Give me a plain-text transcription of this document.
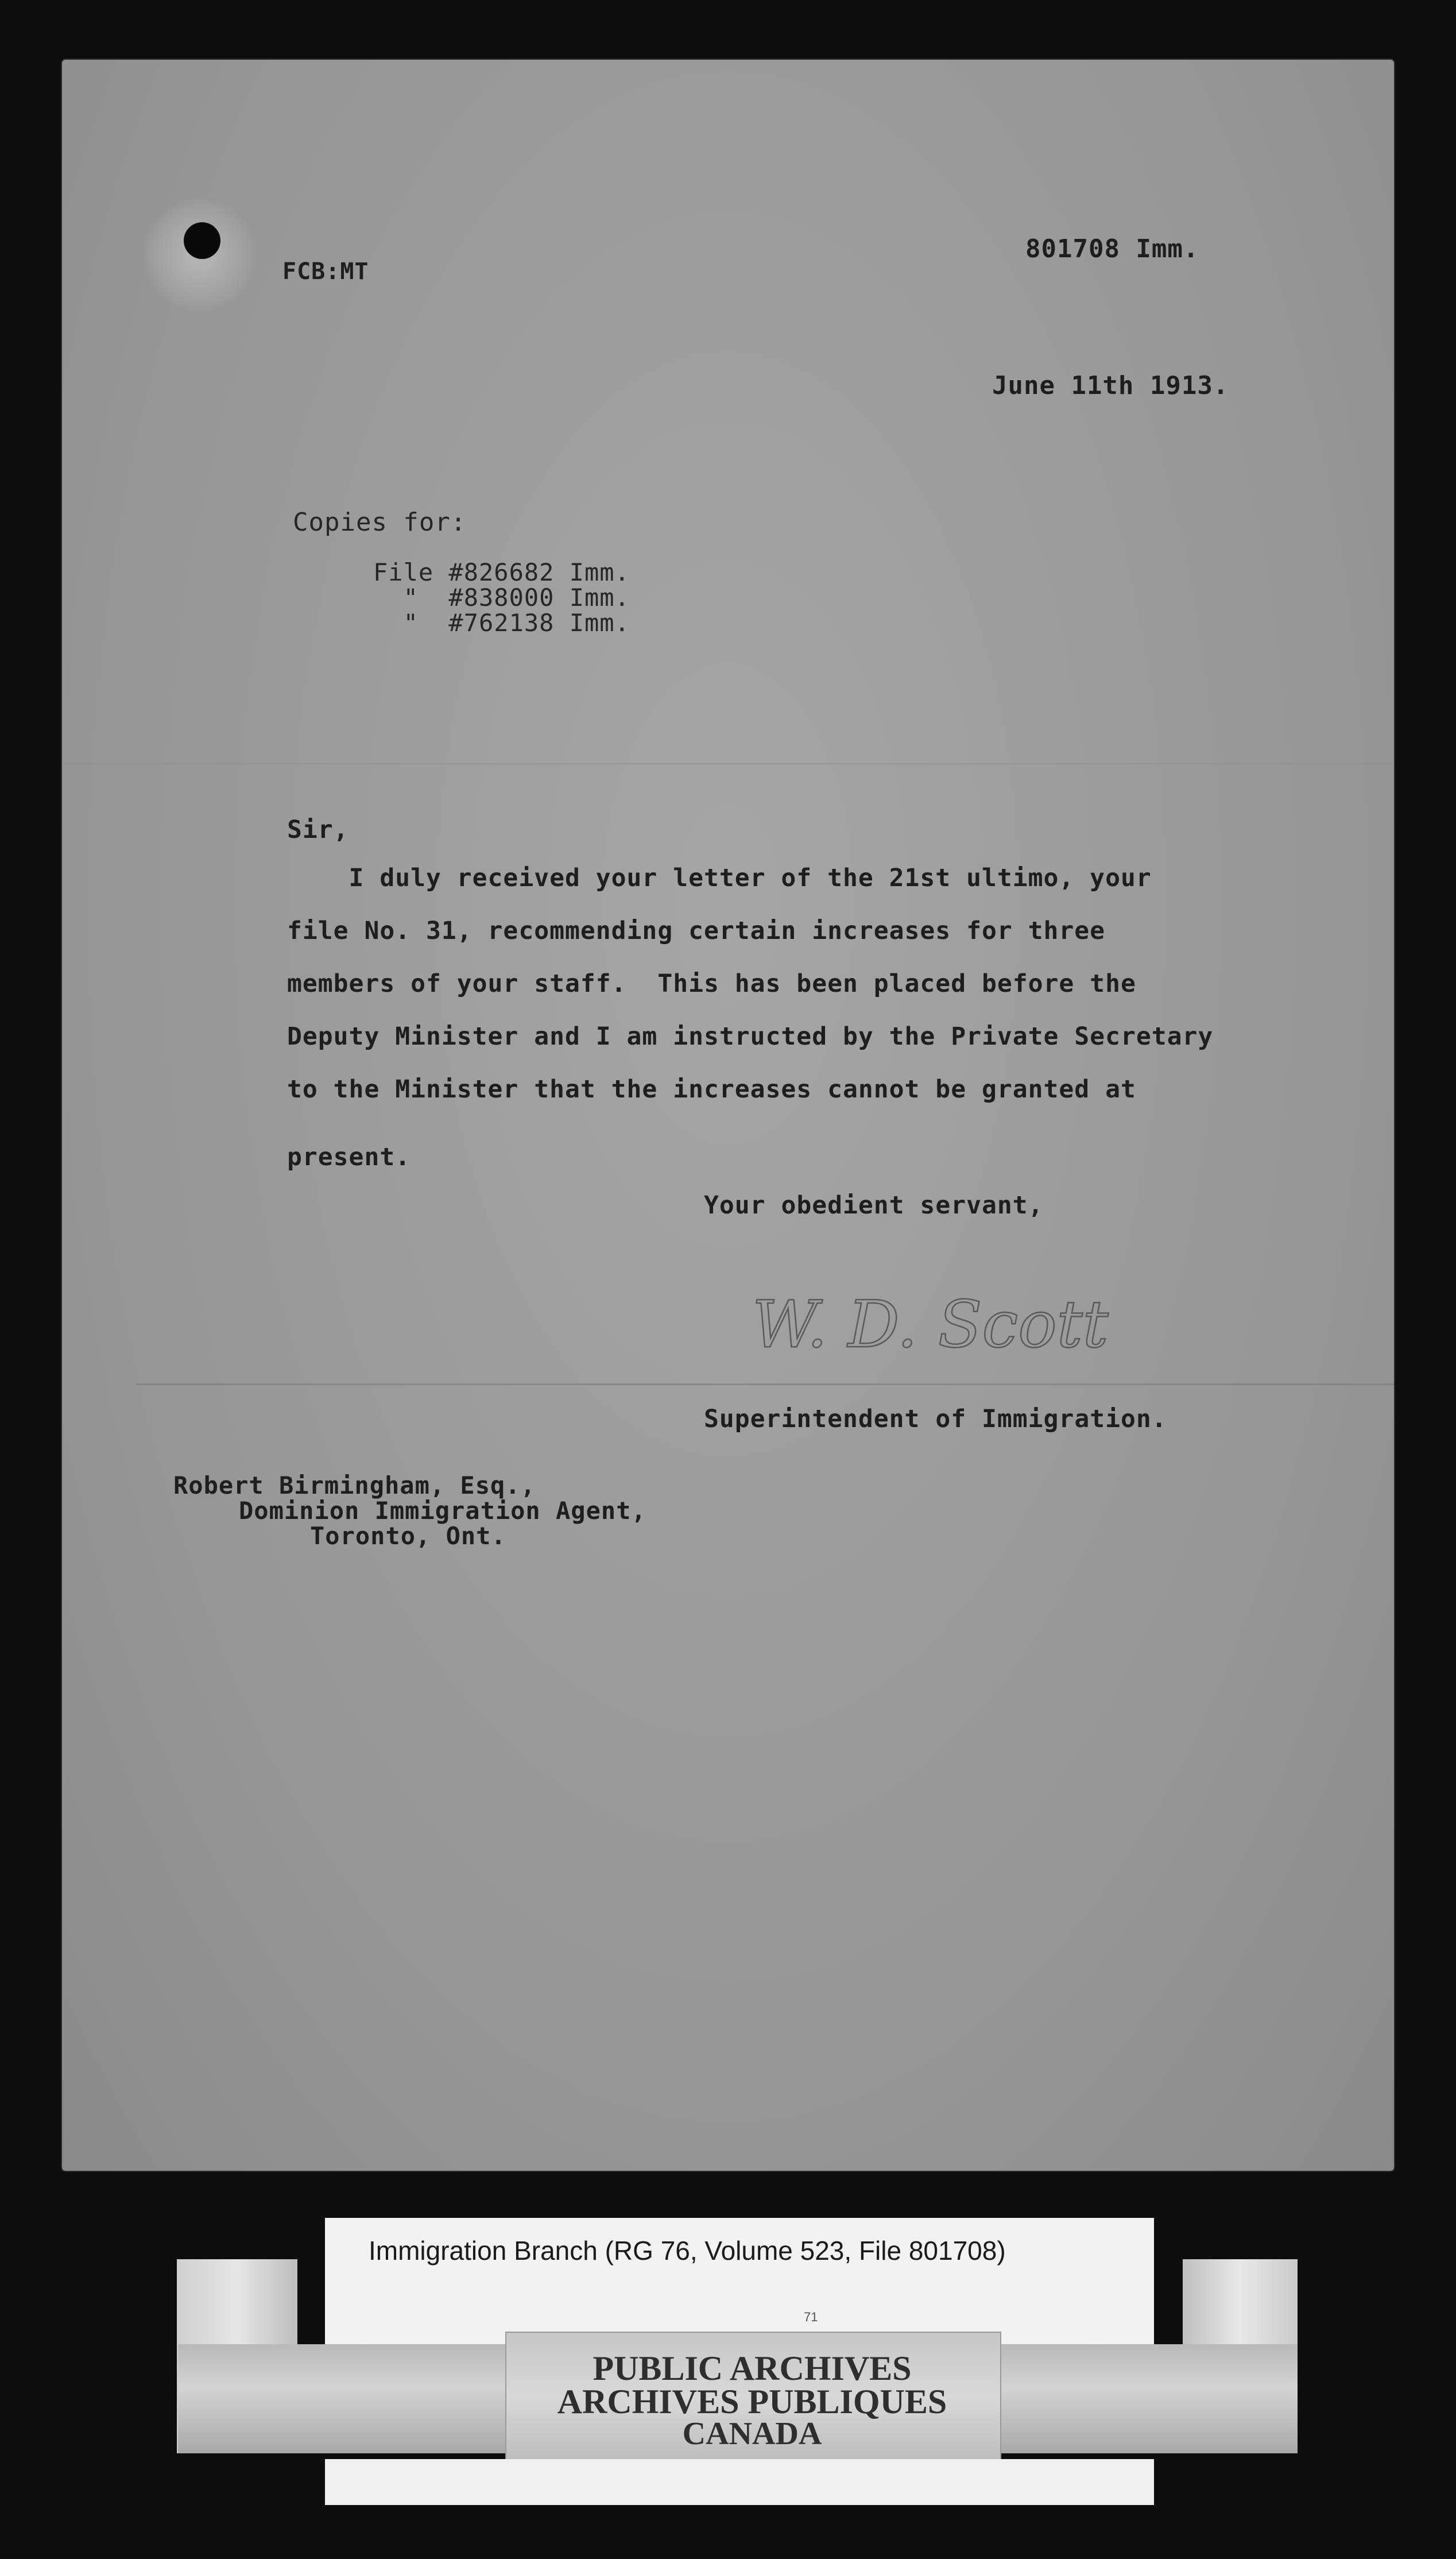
FCB:MT
801708 Imm.
June 11th 1913.
Copies for:
File #826682 Imm.
"  #838000 Imm.
"  #762138 Imm.
Sir,
I duly received your letter of the 21st ultimo, your
file No. 31, recommending certain increases for three
members of your staff.  This has been placed before the
Deputy Minister and I am instructed by the Private Secretary
to the Minister that the increases cannot be granted at
present.
Your obedient servant,
W. D. Scott
Superintendent of Immigration.
Robert Birmingham, Esq.,
Dominion Immigration Agent,
Toronto, Ont.
Immigration Branch (RG 76, Volume 523, File 801708)
71
PUBLIC ARCHIVES
ARCHIVES PUBLIQUES
CANADA
